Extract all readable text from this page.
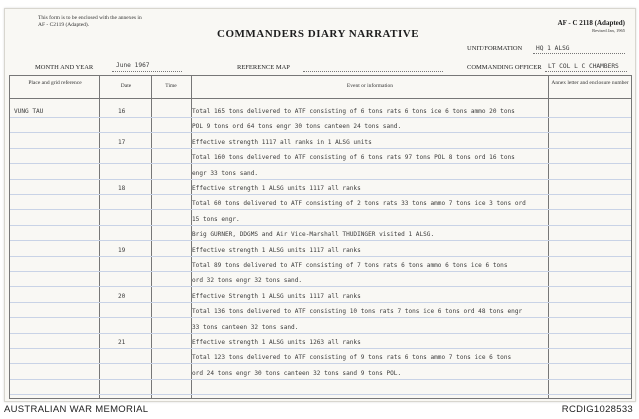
This form is to be enclosed with the annexes in AF - C2119 (Adapted).
COMMANDERS DIARY NARRATIVE
AF - C 2118 (Adapted)
Revised Jan, 1965
UNIT/FORMATION HQ 1 ALSG
MONTH AND YEAR	June 1967	REFERENCE MAP	COMMANDING OFFICER LT COL L C CHAMBERS
Place and grid reference	Date	Time	Event or information	Annex letter and enclosure number
VUNG TAU	16	Total 165 tons delivered to ATF consisting of 6 tons rats 6 tons ice 6 tons ammo 20 tons
POL 9 tons ord 64 tons engr 30 tons canteen 24 tons sand.
17	Effective strength 1117 all ranks in 1 ALSG units
Total 160 tons delivered to ATF consisting of 6 tons rats 97 tons POL 8 tons ord 16 tons
engr 33 tons sand.
18	Effective strength 1 ALSG units 1117 all ranks
Total 60 tons delivered to ATF consisting of 2 tons rats 33 tons ammo 7 tons ice 3 tons ord
15 tons engr.
Brig GURNER, DDGMS and Air Vice-Marshall THUDINGER visited 1 ALSG.
19	Effective strength 1 ALSG units 1117 all ranks
Total 89 tons delivered to ATF consisting of 7 tons rats 6 tons ammo 6 tons ice 6 tons
ord 32 tons engr 32 tons sand.
20	Effective Strength 1 ALSG units 1117 all ranks
Total 136 tons delivered to ATF consisting 10 tons rats 7 tons ice 6 tons ord 48 tons engr
33 tons canteen 32 tons sand.
21	Effective strength 1 ALSG units 1263 all ranks
Total 123 tons delivered to ATF consisting of 9 tons rats 6 tons ammo 7 tons ice 6 tons
ord 24 tons engr 30 tons canteen 32 tons sand 9 tons POL.
AUSTRALIAN WAR MEMORIAL	RCDIG1028533
